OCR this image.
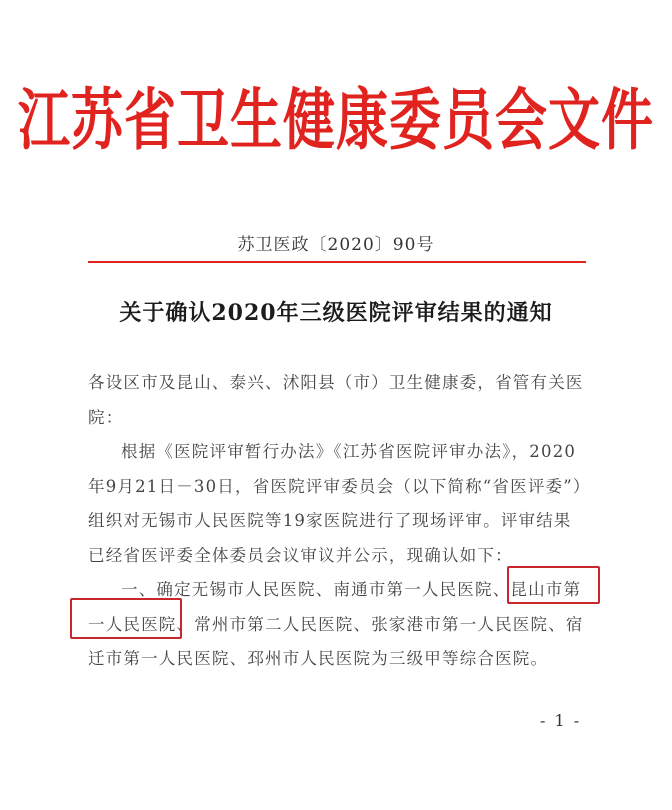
江苏省卫生健康委员会文件
苏卫医政〔2020〕90号
关于确认2020年三级医院评审结果的通知

各设区市及昆山、泰兴、沭阳县（市）卫生健康委，省管有关医

院：

根据《医院评审暂行办法》《江苏省医院评审办法》，2020

年9月21日－30日，省医院评审委员会（以下简称“省医评委”）

组织对无锡市人民医院等19家医院进行了现场评审。评审结果

已经省医评委全体委员会议审议并公示，现确认如下：

一、确定无锡市人民医院、南通市第一人民医院、昆山市第

一人民医院、常州市第二人民医院、张家港市第一人民医院、宿

迁市第一人民医院、邳州市人民医院为三级甲等综合医院。

- 1 -
